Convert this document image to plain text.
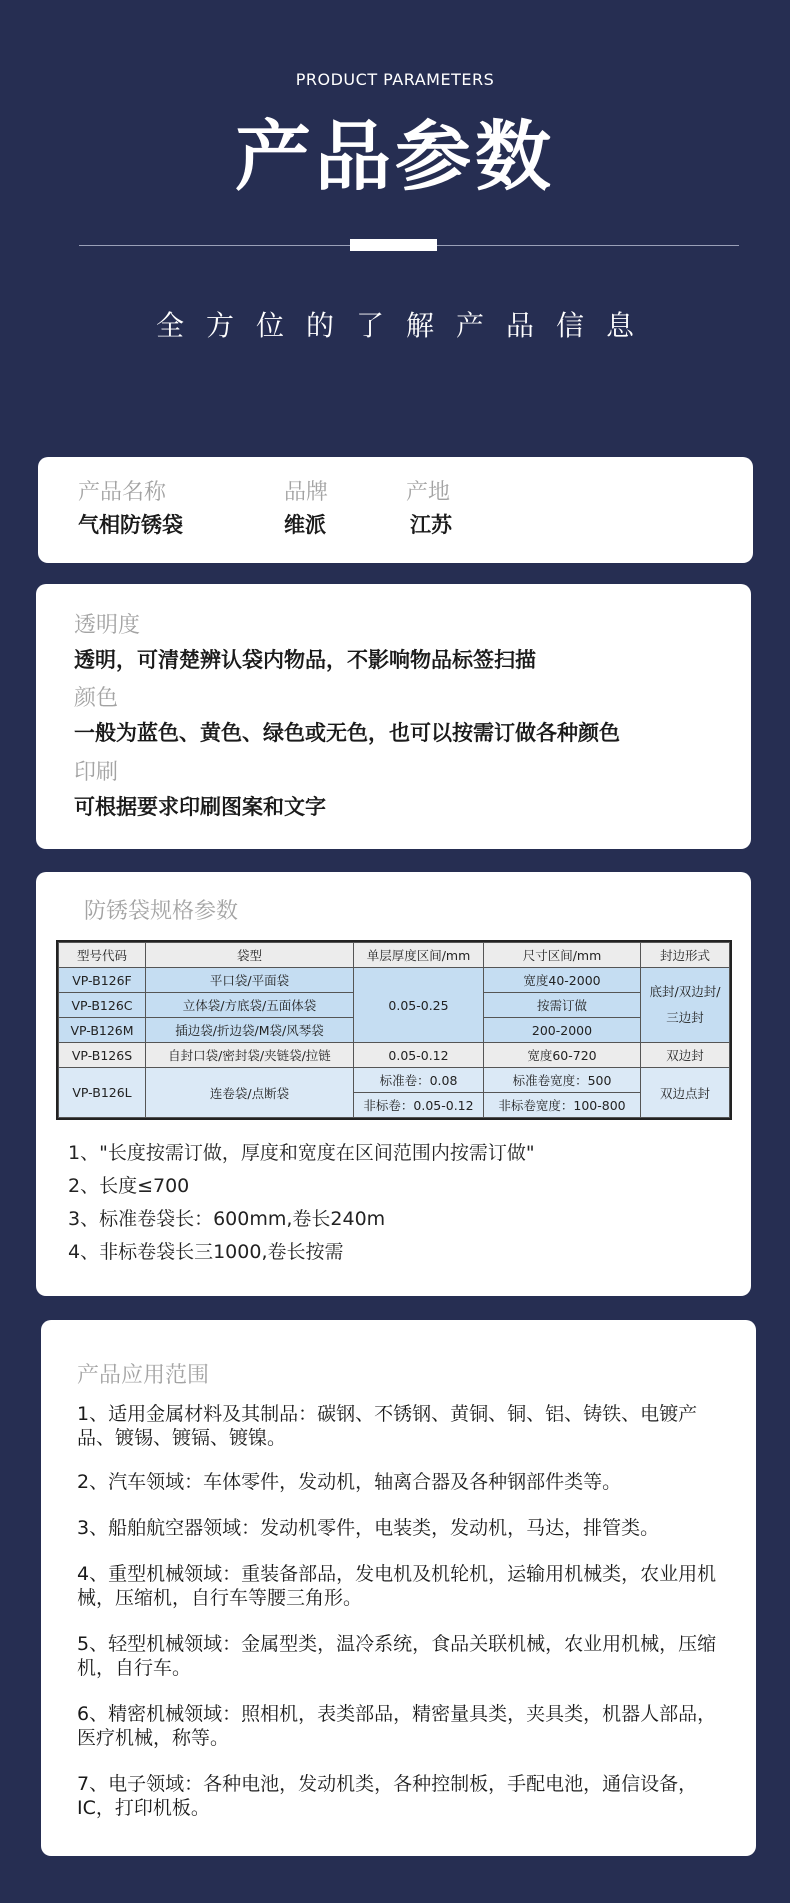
PRODUCT PARAMETERS
产品参数
全方位的了解产品信息
产品名称
气相防锈袋
品牌
维派
产地
江苏
透明度
透明，可清楚辨认袋内物品，不影响物品标签扫描
颜色
一般为蓝色、黄色、绿色或无色，也可以按需订做各种颜色
印刷
可根据要求印刷图案和文字
防锈袋规格参数
型号代码	袋型	单层厚度区间/mm	尺寸区间/mm	封边形式
VP-B126F	平口袋/平面袋	0.05-0.25	宽度40-2000	底封/双边封/三边封
VP-B126C	立体袋/方底袋/五面体袋		按需订做	
VP-B126M	插边袋/折边袋/M袋/风琴袋		200-2000	
VP-B126S	自封口袋/密封袋/夹链袋/拉链	0.05-0.12	宽度60-720	双边封
VP-B126L	连卷袋/点断袋	标准卷：0.08	标准卷宽度：500	双边点封
		非标卷：0.05-0.12	非标卷宽度：100-800	
1、"长度按需订做，厚度和宽度在区间范围内按需订做"
2、长度≤700
3、标准卷袋长：600mm,卷长240m
4、非标卷袋长三1000,卷长按需
产品应用范围
1、适用金属材料及其制品：碳钢、不锈钢、黄铜、铜、铝、铸铁、电镀产品、镀锡、镀镉、镀镍。
2、汽车领域：车体零件，发动机，轴离合器及各种钢部件类等。
3、船舶航空器领域：发动机零件，电装类，发动机，马达，排管类。
4、重型机械领域：重装备部品，发电机及机轮机，运输用机械类，农业用机械，压缩机，自行车等腰三角形。
5、轻型机械领域：金属型类，温冷系统，食品关联机械，农业用机械，压缩机，自行车。
6、精密机械领域：照相机，表类部品，精密量具类，夹具类，机器人部品，医疗机械，称等。
7、电子领域：各种电池，发动机类，各种控制板，手配电池，通信设备，IC，打印机板。
